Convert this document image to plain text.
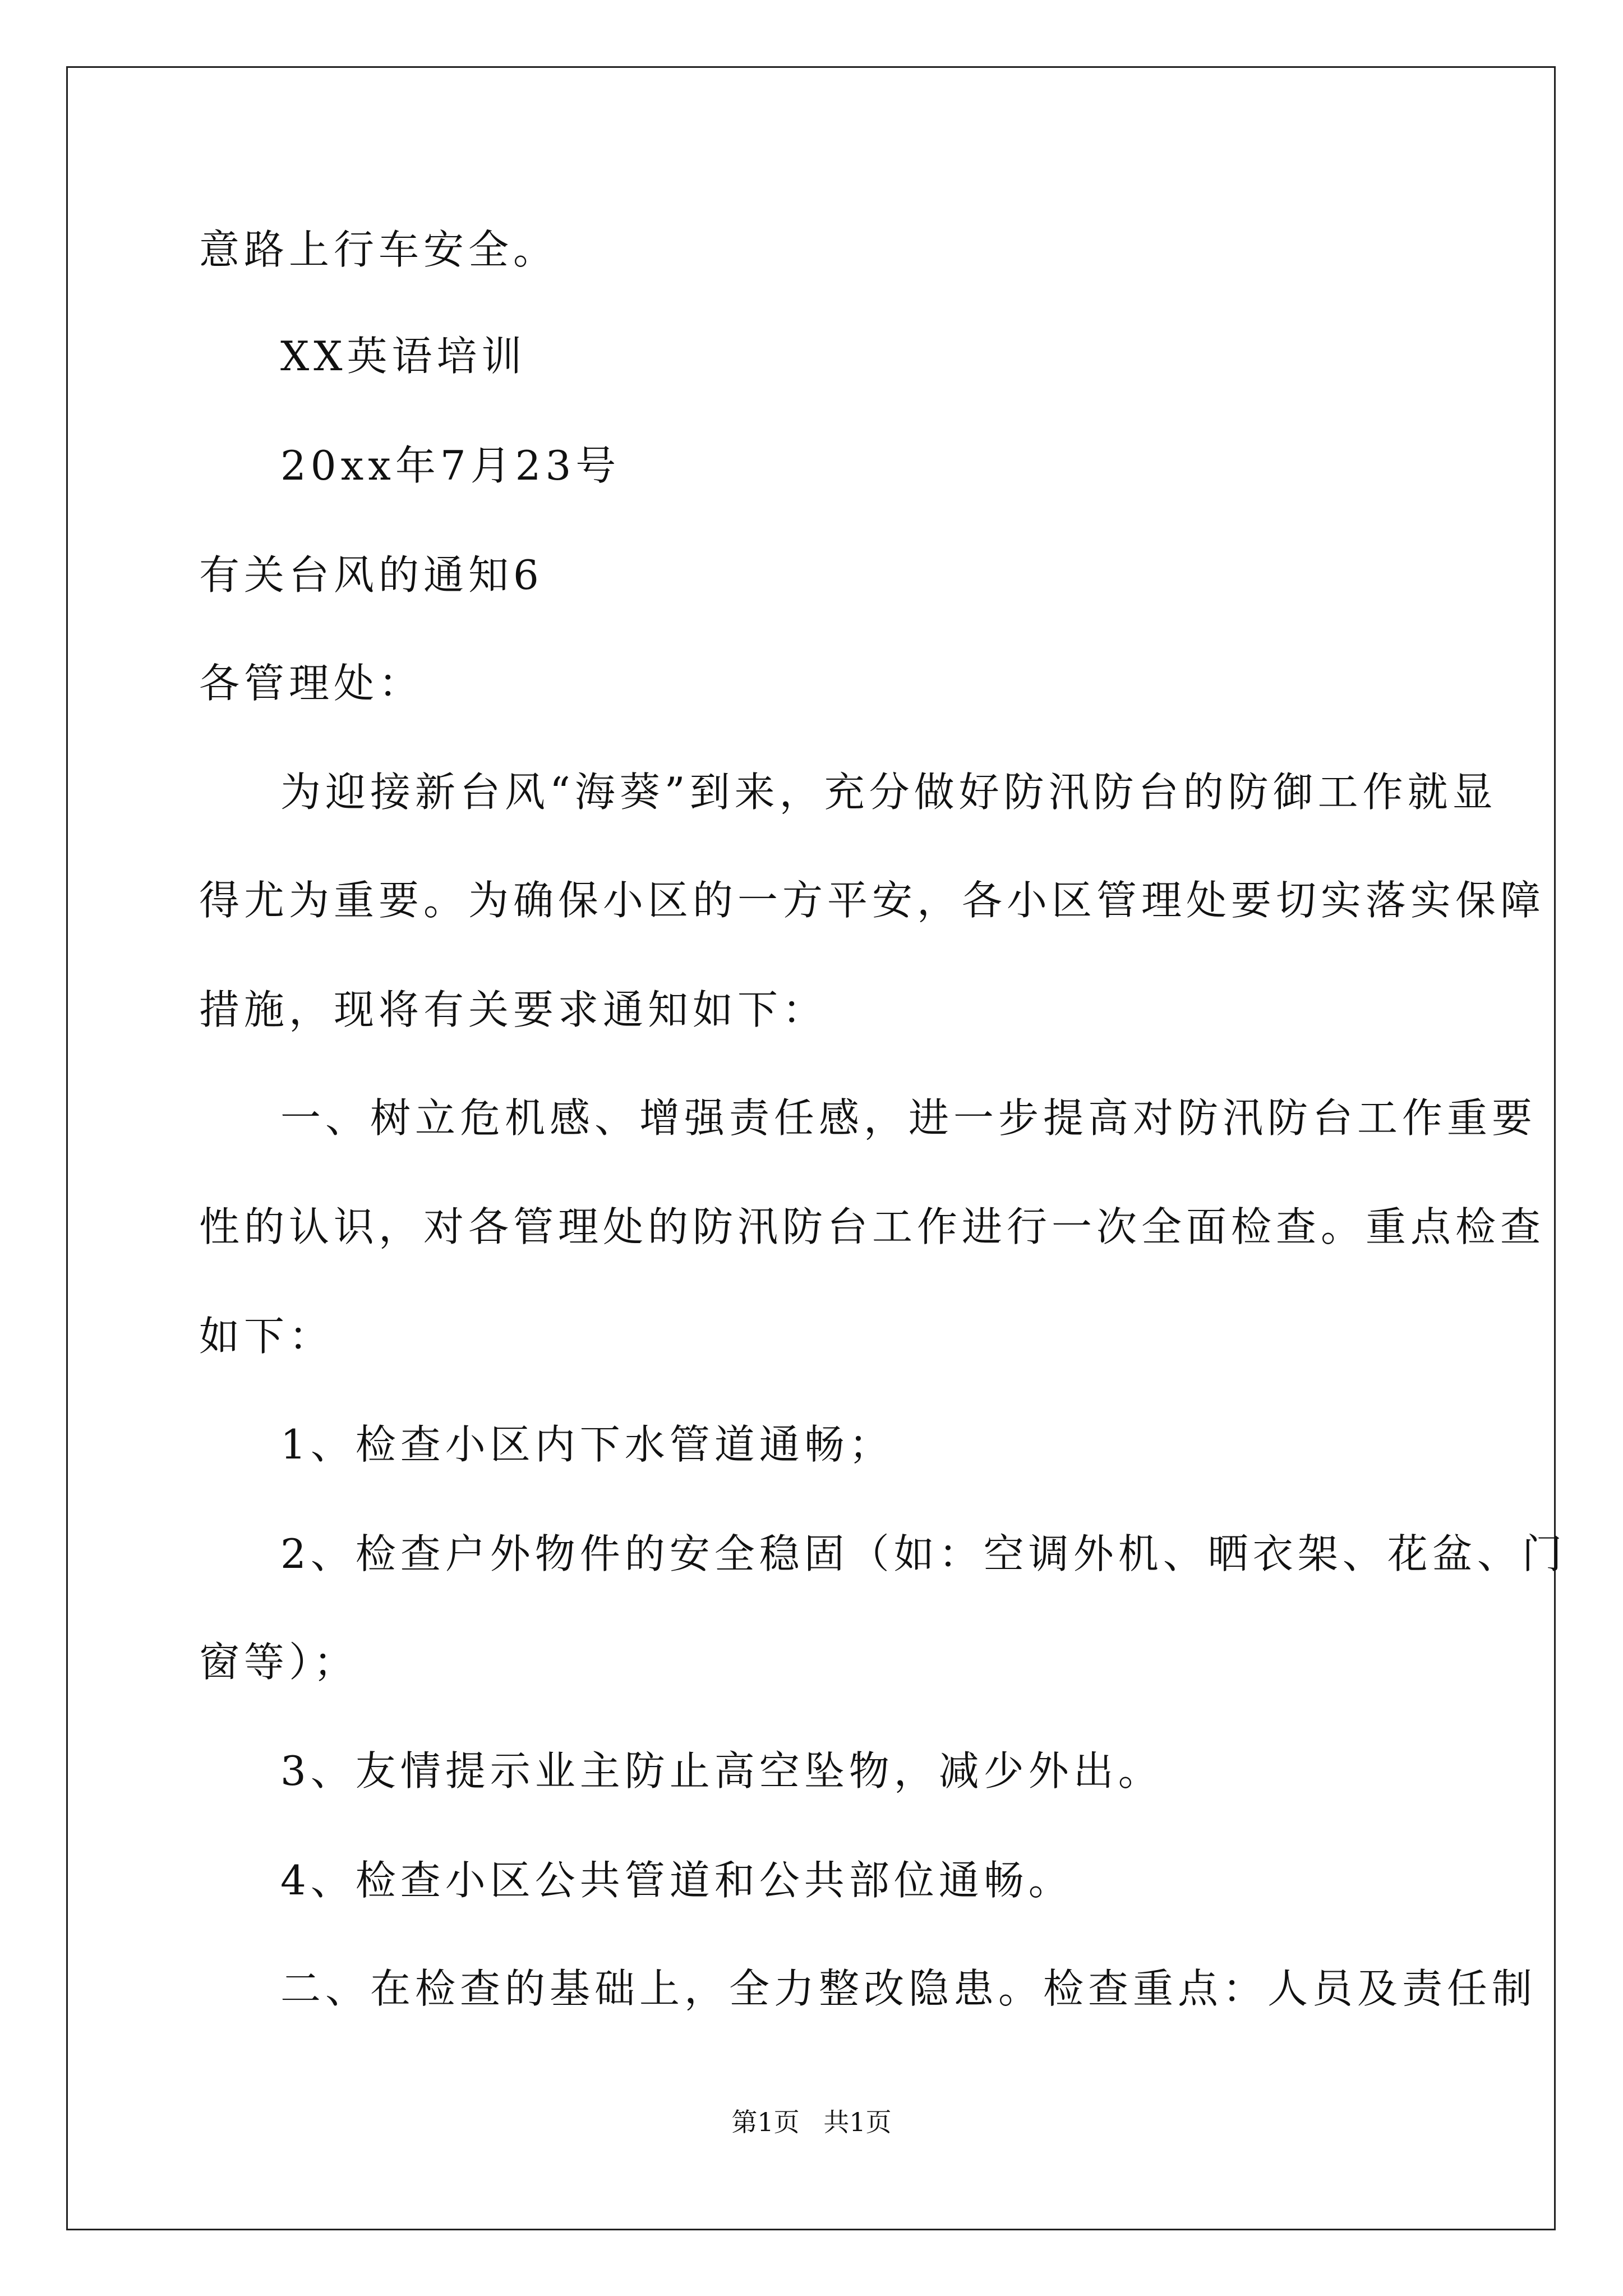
意路上行车安全。
XX英语培训
20xx年7月23号
有关台风的通知6
各管理处：
为迎接新台风“海葵”到来，充分做好防汛防台的防御工作就显
得尤为重要。为确保小区的一方平安，各小区管理处要切实落实保障
措施，现将有关要求通知如下：
一、树立危机感、增强责任感，进一步提高对防汛防台工作重要
性的认识，对各管理处的防汛防台工作进行一次全面检查。重点检查
如下：
1、检查小区内下水管道通畅；
2、检查户外物件的安全稳固（如：空调外机、晒衣架、花盆、门
窗等）；
3、友情提示业主防止高空坠物，减少外出。
4、检查小区公共管道和公共部位通畅。
二、在检查的基础上，全力整改隐患。检查重点：人员及责任制
第1页 共1页
